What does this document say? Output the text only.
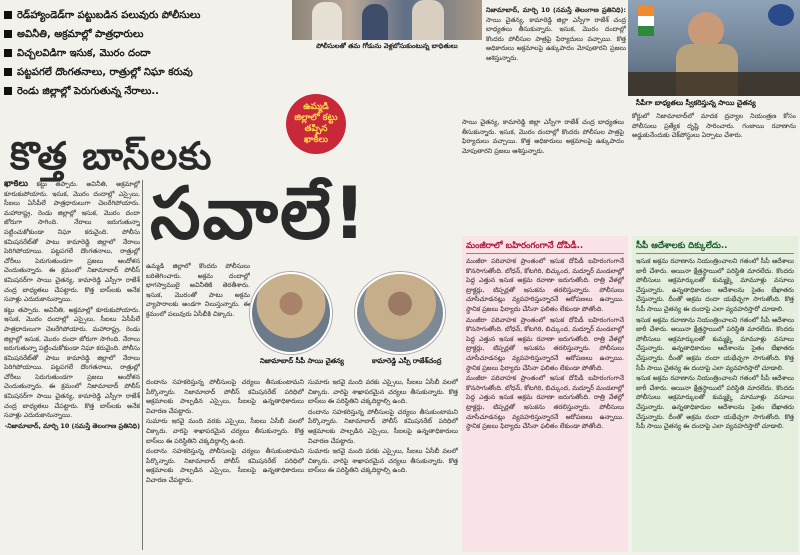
రెడ్‌హ్యాండెడ్‌గా పట్టుబడిన పలువురు పోలీసులు
అవినీతి, అక్రమాల్లో పాత్రధారులు
విచ్చలవిడిగా ఇసుక, మొరం దందా
పట్టపగలే దొంగతనాలు, రాత్రుల్లో నిఘా కరువు
రెండు జిల్లాల్లో పెరుగుతున్న నేరాలు..
పోలీసులతో తమ గోడును వెళ్లబోసుకుంటున్న బాధితులు
సీపీగా బాధ్యతలు స్వీకరిస్తున్న సాయి చైతన్య

నిజామాబాద్, మార్చి 10 (నమస్తే తెలంగాణ ప్రతినిధి): సాయి చైతన్య, కామారెడ్డి జిల్లా ఎస్పీగా రాజేశ్ చంద్ర బాధ్యతలు తీసుకున్నారు. ఇసుక, మొరం దందాల్లో కొందరు పోలీసుల పాత్రపై ఫిర్యాదులు వచ్చాయి. కొత్త అధికారులు అక్రమాలపై ఉక్కుపాదం మోపుతారని ప్రజలు ఆశిస్తున్నారు.

సాయి చైతన్య, కామారెడ్డి జిల్లా ఎస్పీగా రాజేశ్ చంద్ర బాధ్యతలు తీసుకున్నారు. ఇసుక, మొరం దందాల్లో కొందరు పోలీసుల పాత్రపై ఫిర్యాదులు వచ్చాయి. కొత్త అధికారులు అక్రమాలపై ఉక్కుపాదం మోపుతారని ప్రజలు ఆశిస్తున్నారు.

కోర్టులో నిజామాబాద్‌లో మాదక ద్రవ్యాల నియంత్రణ కోసం పోలీసులు ప్రత్యేక దృష్టి సారించారు. గంజాయి రవాణాను అడ్డుకునేందుకు చెక్‌పోస్టులు ఏర్పాటు చేశారు.

ఉమ్మడి జిల్లాలో కట్టు తప్పిన ఖాకీలు
కొత్త బాస్‌లకు
సవాలే!

ఖాకీలు కట్టు తప్పారు. అవినీతి, అక్రమాల్లో కూరుకుపోయారు. ఇసుక, మొరం దందాల్లో ఎస్సైలు, సీఐలు ఏసీపీలే పాత్రధారులుగా చెలరేగిపోయారు. మహారాష్ట్ర, రెండు జిల్లాల్లో ఇసుక, మొరం దందా జోరుగా సాగింది. నేరాలు జరుగుతున్నా పట్టించుకోకుండా నిఘా కరువైంది. పోలీసు కమిషనరేట్‌తో పాటు కామారెడ్డి జిల్లాలో నేరాలు పెరిగిపోయాయి. పట్టపగలే దొంగతనాలు, రాత్రుల్లో చోరీలు పెరుగుతుండగా ప్రజలు ఆందోళన చెందుతున్నారు. ఈ క్రమంలో నిజామాబాద్ పోలీస్ కమిషనర్‌గా సాయి చైతన్య, కామారెడ్డి ఎస్పీగా రాజేశ్ చంద్ర బాధ్యతలు చేపట్టారు. కొత్త బాస్‌లకు అనేక సవాళ్లు ఎదురుకానున్నాయి.

కట్టు తప్పారు. అవినీతి, అక్రమాల్లో కూరుకుపోయారు. ఇసుక, మొరం దందాల్లో ఎస్సైలు, సీఐలు ఏసీపీలే పాత్రధారులుగా చెలరేగిపోయారు. మహారాష్ట్ర, రెండు జిల్లాల్లో ఇసుక, మొరం దందా జోరుగా సాగింది. నేరాలు జరుగుతున్నా పట్టించుకోకుండా నిఘా కరువైంది. పోలీసు కమిషనరేట్‌తో పాటు కామారెడ్డి జిల్లాలో నేరాలు పెరిగిపోయాయి. పట్టపగలే దొంగతనాలు, రాత్రుల్లో చోరీలు పెరుగుతుండగా ప్రజలు ఆందోళన చెందుతున్నారు. ఈ క్రమంలో నిజామాబాద్ పోలీస్ కమిషనర్‌గా సాయి చైతన్య, కామారెడ్డి ఎస్పీగా రాజేశ్ చంద్ర బాధ్యతలు చేపట్టారు. కొత్త బాస్‌లకు అనేక సవాళ్లు ఎదురుకానున్నాయి.

-నిజామాబాద్, మార్చి 10 (నమస్తే తెలంగాణ ప్రతినిధి)

ఉమ్మడి జిల్లాలో కొందరు పోలీసులు బరితెగించారు. అక్రమ దందాల్లో భాగస్వాములై అవినీతికి తెరతీశారు. ఇసుక, మొరంతో పాటు అక్రమ వ్యాపారాలకు అండగా నిలుస్తున్నారు. ఈ క్రమంలో పలువురు ఏసీబీకి చిక్కారు.

నిజామాబాద్ సీపీ సాయి చైతన్య	కామారెడ్డి ఎస్పీ రాజేశ్‌చంద్ర

దందాను సహకరిస్తున్న పోలీసులపై చర్యలు తీసుకుంటామని పేర్కొన్నారు. నిజామాబాద్ పోలీస్ కమిషనరేట్ పరిధిలో అక్రమాలకు పాల్పడిన ఎస్సైలు, సీఐలపై ఉన్నతాధికారులు విచారణ చేపట్టారు.

సుమారు ఇరవై మంది వరకు ఎస్సైలు, సీఐలు ఏసీబీ వలలో చిక్కారు. వారిపై శాఖాపరమైన చర్యలు తీసుకున్నారు. కొత్త బాస్‌లు ఈ పరిస్థితిని చక్కదిద్దాల్సి ఉంది.

దందాను సహకరిస్తున్న పోలీసులపై చర్యలు తీసుకుంటామని పేర్కొన్నారు. నిజామాబాద్ పోలీస్ కమిషనరేట్ పరిధిలో అక్రమాలకు పాల్పడిన ఎస్సైలు, సీఐలపై ఉన్నతాధికారులు విచారణ చేపట్టారు.

సుమారు ఇరవై మంది వరకు ఎస్సైలు, సీఐలు ఏసీబీ వలలో చిక్కారు. వారిపై శాఖాపరమైన చర్యలు తీసుకున్నారు. కొత్త బాస్‌లు ఈ పరిస్థితిని చక్కదిద్దాల్సి ఉంది.

దందాను సహకరిస్తున్న పోలీసులపై చర్యలు తీసుకుంటామని పేర్కొన్నారు. నిజామాబాద్ పోలీస్ కమిషనరేట్ పరిధిలో అక్రమాలకు పాల్పడిన ఎస్సైలు, సీఐలపై ఉన్నతాధికారులు విచారణ చేపట్టారు.

సుమారు ఇరవై మంది వరకు ఎస్సైలు, సీఐలు ఏసీబీ వలలో చిక్కారు. వారిపై శాఖాపరమైన చర్యలు తీసుకున్నారు. కొత్త బాస్‌లు ఈ పరిస్థితిని చక్కదిద్దాల్సి ఉంది.

మంజీరాలో బహిరంగంగానే దోపిడీ..

మంజీరా పరివాహక ప్రాంతంలో ఇసుక దోపిడీ బహిరంగంగానే కొనసాగుతోంది. బోధన్, కోటగిరి, బిచ్కుంద, మద్నూర్ మండలాల్లో పెద్ద ఎత్తున ఇసుక అక్రమ రవాణా జరుగుతోంది. రాత్రి వేళల్లో ట్రాక్టర్లు, టిప్పర్లతో ఇసుకను తరలిస్తున్నారు. పోలీసులు చూసీచూడనట్లు వ్యవహరిస్తున్నారనే ఆరోపణలు ఉన్నాయి. స్థానిక ప్రజలు ఫిర్యాదు చేసినా ఫలితం లేకుండా పోతోంది.

మంజీరా పరివాహక ప్రాంతంలో ఇసుక దోపిడీ బహిరంగంగానే కొనసాగుతోంది. బోధన్, కోటగిరి, బిచ్కుంద, మద్నూర్ మండలాల్లో పెద్ద ఎత్తున ఇసుక అక్రమ రవాణా జరుగుతోంది. రాత్రి వేళల్లో ట్రాక్టర్లు, టిప్పర్లతో ఇసుకను తరలిస్తున్నారు. పోలీసులు చూసీచూడనట్లు వ్యవహరిస్తున్నారనే ఆరోపణలు ఉన్నాయి. స్థానిక ప్రజలు ఫిర్యాదు చేసినా ఫలితం లేకుండా పోతోంది.

మంజీరా పరివాహక ప్రాంతంలో ఇసుక దోపిడీ బహిరంగంగానే కొనసాగుతోంది. బోధన్, కోటగిరి, బిచ్కుంద, మద్నూర్ మండలాల్లో పెద్ద ఎత్తున ఇసుక అక్రమ రవాణా జరుగుతోంది. రాత్రి వేళల్లో ట్రాక్టర్లు, టిప్పర్లతో ఇసుకను తరలిస్తున్నారు. పోలీసులు చూసీచూడనట్లు వ్యవహరిస్తున్నారనే ఆరోపణలు ఉన్నాయి. స్థానిక ప్రజలు ఫిర్యాదు చేసినా ఫలితం లేకుండా పోతోంది.

సీపీ ఆదేశాలకు దిక్కులేదు..

ఇసుక అక్రమ రవాణాను నియంత్రించాలని గతంలో సీపీ ఆదేశాలు జారీ చేశారు. అయినా క్షేత్రస్థాయిలో పరిస్థితి మారలేదు. కొందరు పోలీసులు అక్రమార్కులతో కుమ్మక్కై మామూళ్లు వసూలు చేస్తున్నారు. ఉన్నతాధికారుల ఆదేశాలను సైతం బేఖాతరు చేస్తున్నారు. దీంతో అక్రమ దందా యథేచ్ఛగా సాగుతోంది. కొత్త సీపీ సాయి చైతన్య ఈ దందాపై ఎలా వ్యవహరిస్తారో చూడాలి.

ఇసుక అక్రమ రవాణాను నియంత్రించాలని గతంలో సీపీ ఆదేశాలు జారీ చేశారు. అయినా క్షేత్రస్థాయిలో పరిస్థితి మారలేదు. కొందరు పోలీసులు అక్రమార్కులతో కుమ్మక్కై మామూళ్లు వసూలు చేస్తున్నారు. ఉన్నతాధికారుల ఆదేశాలను సైతం బేఖాతరు చేస్తున్నారు. దీంతో అక్రమ దందా యథేచ్ఛగా సాగుతోంది. కొత్త సీపీ సాయి చైతన్య ఈ దందాపై ఎలా వ్యవహరిస్తారో చూడాలి.

ఇసుక అక్రమ రవాణాను నియంత్రించాలని గతంలో సీపీ ఆదేశాలు జారీ చేశారు. అయినా క్షేత్రస్థాయిలో పరిస్థితి మారలేదు. కొందరు పోలీసులు అక్రమార్కులతో కుమ్మక్కై మామూళ్లు వసూలు చేస్తున్నారు. ఉన్నతాధికారుల ఆదేశాలను సైతం బేఖాతరు చేస్తున్నారు. దీంతో అక్రమ దందా యథేచ్ఛగా సాగుతోంది. కొత్త సీపీ సాయి చైతన్య ఈ దందాపై ఎలా వ్యవహరిస్తారో చూడాలి.
